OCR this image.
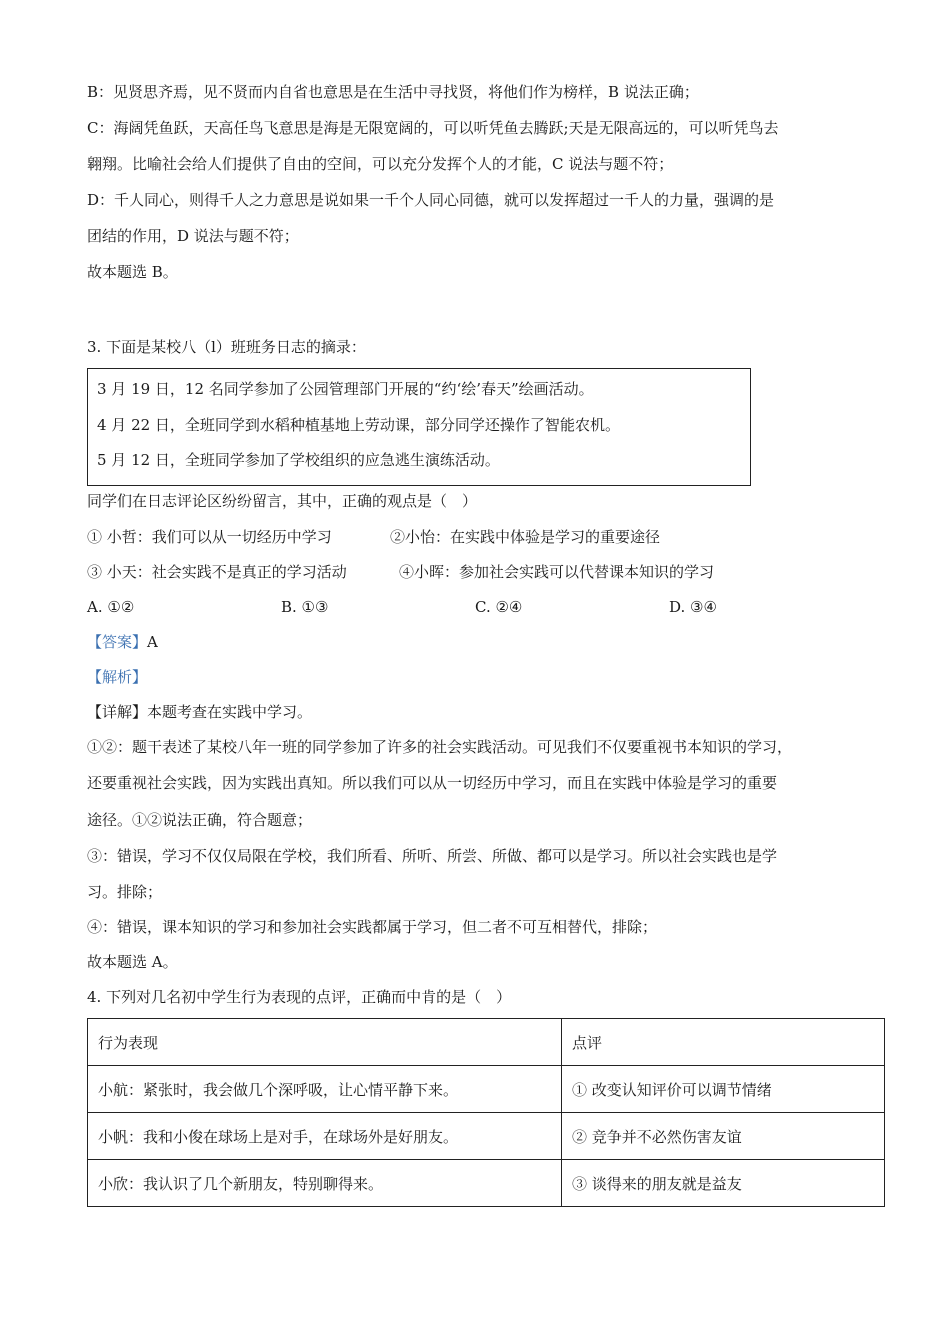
B：见贤思齐焉，见不贤而内自省也意思是在生活中寻找贤，将他们作为榜样，B 说法正确；
C：海阔凭鱼跃，天高任鸟飞意思是海是无限宽阔的，可以听凭鱼去腾跃;天是无限高远的，可以听凭鸟去
翱翔。比喻社会给人们提供了自由的空间，可以充分发挥个人的才能，C 说法与题不符；
D：千人同心，则得千人之力意思是说如果一千个人同心同德，就可以发挥超过一千人的力量，强调的是
团结的作用，D 说法与题不符；
故本题选 B。
3. 下面是某校八（l）班班务日志的摘录：
3 月 19 日，12 名同学参加了公园管理部门开展的“约‘绘’春天”绘画活动。
4 月 22 日，全班同学到水稻种植基地上劳动课，部分同学还操作了智能农机。
5 月 12 日，全班同学参加了学校组织的应急逃生演练活动。
同学们在日志评论区纷纷留言，其中，正确的观点是（　）
① 小哲：我们可以从一切经历中学习	②小怡：在实践中体验是学习的重要途径
③ 小天：社会实践不是真正的学习活动	④小晖：参加社会实践可以代替课本知识的学习
A. ①②	B. ①③	C. ②④	D. ③④
【答案】A
【解析】
【详解】本题考查在实践中学习。
①②：题干表述了某校八年一班的同学参加了许多的社会实践活动。可见我们不仅要重视书本知识的学习，
还要重视社会实践，因为实践出真知。所以我们可以从一切经历中学习，而且在实践中体验是学习的重要
途径。①②说法正确，符合题意；
③：错误，学习不仅仅局限在学校，我们所看、所听、所尝、所做、都可以是学习。所以社会实践也是学
习。排除；
④：错误，课本知识的学习和参加社会实践都属于学习，但二者不可互相替代，排除；
故本题选 A。
4. 下列对几名初中学生行为表现的点评，正确而中肯的是（　）
行为表现	点评
小航：紧张时，我会做几个深呼吸，让心情平静下来。	① 改变认知评价可以调节情绪
小帆：我和小俊在球场上是对手，在球场外是好朋友。	② 竞争并不必然伤害友谊
小欣：我认识了几个新朋友，特别聊得来。	③ 谈得来的朋友就是益友
